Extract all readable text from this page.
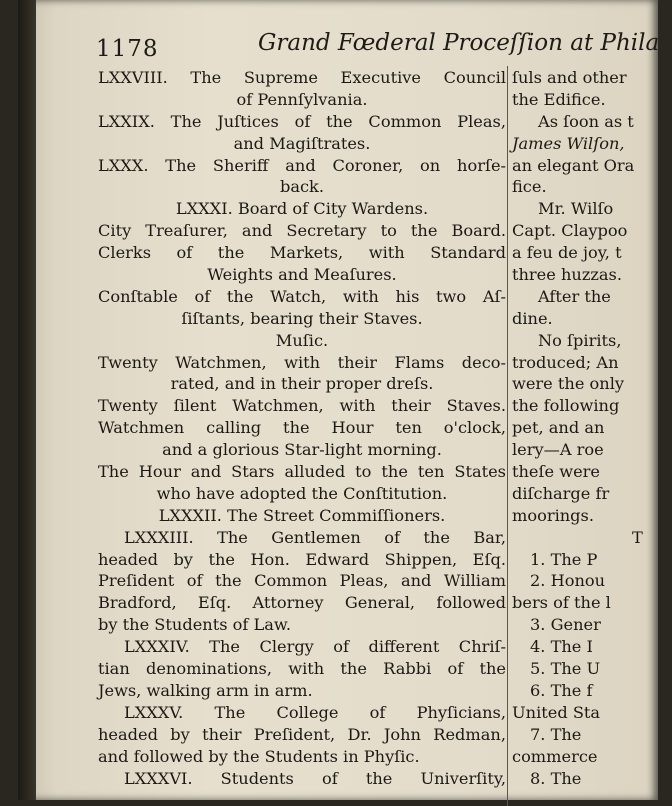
1178	Grand Fœderal Proceſſion at Phila
LXXVIII. The Supreme Executive Council
of Pennſylvania.
LXXIX. The Juſtices of the Common Pleas,
and Magiſtrates.
LXXX. The Sheriff and Coroner, on horſe-
back.
LXXXI. Board of City Wardens.
City Treaſurer, and Secretary to the Board.
Clerks of the Markets, with Standard
Weights and Meaſures.
Conſtable of the Watch, with his two Aſ-
ſiſtants, bearing their Staves.
Muſic.
Twenty Watchmen, with their Flams deco-
rated, and in their proper dreſs.
Twenty ſilent Watchmen, with their Staves.
Watchmen calling the Hour ten o'clock,
and a glorious Star-light morning.
The Hour and Stars alluded to the ten States
who have adopted the Conſtitution.
LXXXII. The Street Commiſſioners.
LXXXIII. The Gentlemen of the Bar,
headed by the Hon. Edward Shippen, Eſq.
Preſident of the Common Pleas, and William
Bradford, Eſq. Attorney General, followed
by the Students of Law.
LXXXIV. The Clergy of different Chriſ-
tian denominations, with the Rabbi of the
Jews, walking arm in arm.
LXXXV. The College of Phyſicians,
headed by their Preſident, Dr. John Redman,
and followed by the Students in Phyſic.
LXXXVI. Students of the Univerſity,
ſuls and other
the Edifice.
As ſoon as t
James Wilſon,
an elegant Ora
fice.
Mr. Wilſo
Capt. Claypoo
a feu de joy, t
three huzzas.
After the
dine.
No ſpirits,
troduced; An
were the only
the following
pet, and an
lery—A roe
theſe were
diſcharge fr
moorings.
T
1. The P
2. Honou
bers of the l
3. Gener
4. The I
5. The U
6. The f
United Sta
7. The
commerce
8. The
